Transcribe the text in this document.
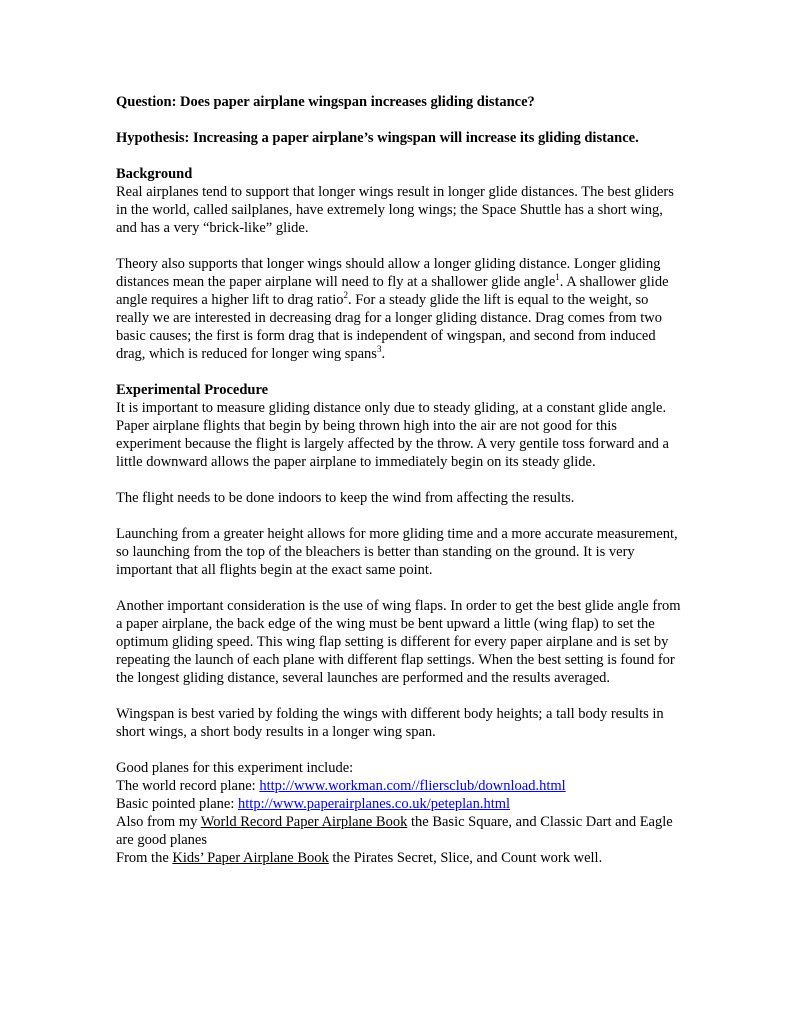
Question: Does paper airplane wingspan increases gliding distance?

Hypothesis: Increasing a paper airplane’s wingspan will increase its gliding distance.

Background

Real airplanes tend to support that longer wings result in longer glide distances. The best gliders in the world, called sailplanes, have extremely long wings; the Space Shuttle has a short wing, and has a very “brick-like” glide.

Theory also supports that longer wings should allow a longer gliding distance. Longer gliding distances mean the paper airplane will need to fly at a shallower glide angle$^1$. A shallower glide angle requires a higher lift to drag ratio$^2$. For a steady glide the lift is equal to the weight, so really we are interested in decreasing drag for a longer gliding distance. Drag comes from two basic causes; the first is form drag that is independent of wingspan, and second from induced drag, which is reduced for longer wing spans$^3$.

Experimental Procedure

It is important to measure gliding distance only due to steady gliding, at a constant glide angle. Paper airplane flights that begin by being thrown high into the air are not good for this experiment because the flight is largely affected by the throw. A very gentile toss forward and a little downward allows the paper airplane to immediately begin on its steady glide.

The flight needs to be done indoors to keep the wind from affecting the results.

Launching from a greater height allows for more gliding time and a more accurate measurement, so launching from the top of the bleachers is better than standing on the ground. It is very important that all flights begin at the exact same point.

Another important consideration is the use of wing flaps. In order to get the best glide angle from a paper airplane, the back edge of the wing must be bent upward a little (wing flap) to set the optimum gliding speed. This wing flap setting is different for every paper airplane and is set by repeating the launch of each plane with different flap settings. When the best setting is found for the longest gliding distance, several launches are performed and the results averaged.

Wingspan is best varied by folding the wings with different body heights; a tall body results in short wings, a short body results in a longer wing span.

Good planes for this experiment include:

The world record plane: http://www.workman.com//fliersclub/download.html

Basic pointed plane: http://www.paperairplanes.co.uk/peteplan.html

Also from my World Record Paper Airplane Book the Basic Square, and Classic Dart and Eagle are good planes

From the Kids’ Paper Airplane Book the Pirates Secret, Slice, and Count work well.
